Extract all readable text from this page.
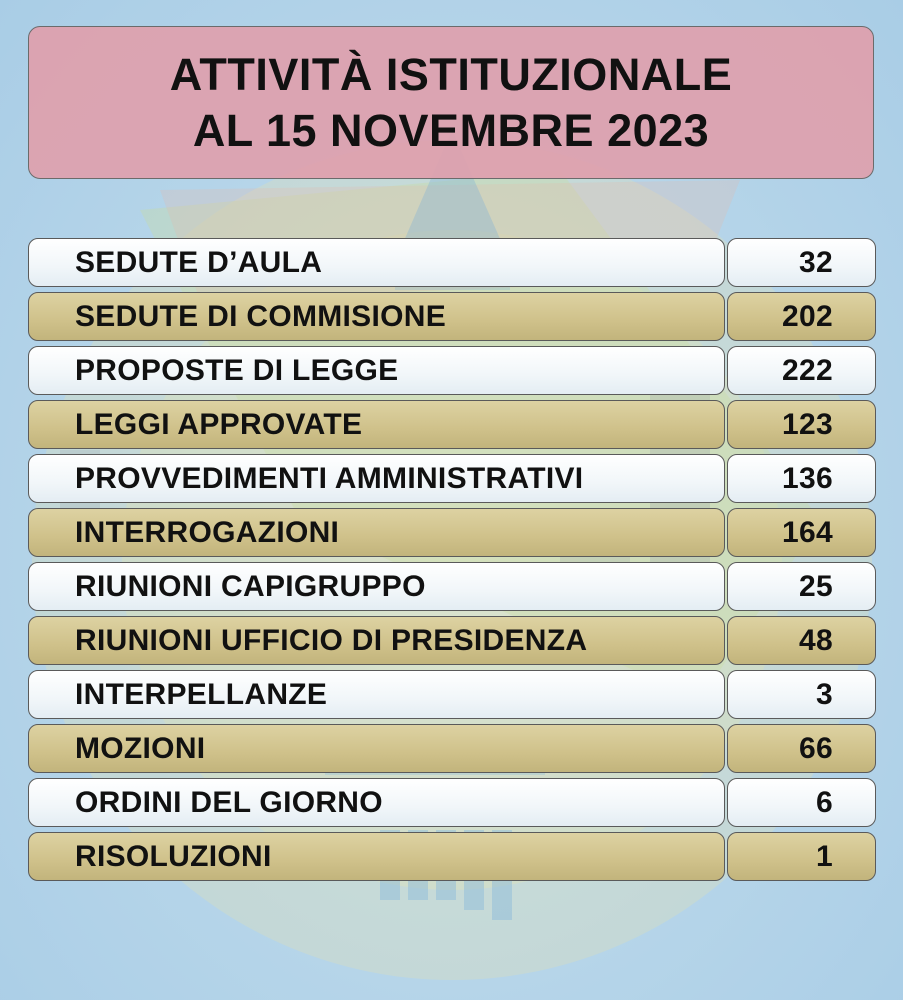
ATTIVITÀ ISTITUZIONALE
AL 15 NOVEMBRE 2023
SEDUTE D’AULA	32
SEDUTE DI COMMISIONE	202
PROPOSTE DI LEGGE	222
LEGGI APPROVATE	123
PROVVEDIMENTI AMMINISTRATIVI	136
INTERROGAZIONI	164
RIUNIONI CAPIGRUPPO	25
RIUNIONI UFFICIO DI PRESIDENZA	48
INTERPELLANZE	3
MOZIONI	66
ORDINI DEL GIORNO	6
RISOLUZIONI	1
